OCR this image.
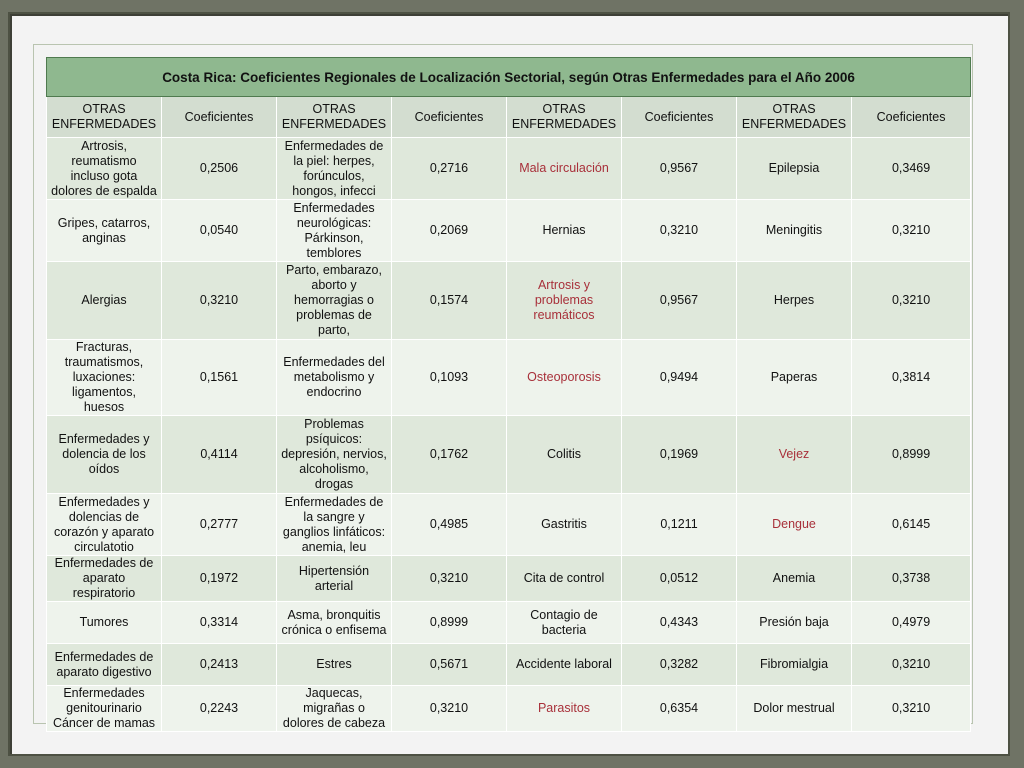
Costa Rica: Coeficientes Regionales de Localización Sectorial, según Otras Enfermedades para el Año 2006							
OTRAS ENFERMEDADES	Coeficientes	OTRAS ENFERMEDADES	Coeficientes	OTRAS ENFERMEDADES	Coeficientes	OTRAS ENFERMEDADES	Coeficientes
Artrosis, reumatismo incluso gota dolores de espalda	0,2506	Enfermedades de la piel: herpes, forúnculos, hongos, infecci	0,2716	Mala circulación	0,9567	Epilepsia	0,3469
Gripes, catarros, anginas	0,0540	Enfermedades neurológicas: Párkinson, temblores	0,2069	Hernias	0,3210	Meningitis	0,3210
Alergias	0,3210	Parto, embarazo, aborto y hemorragias o problemas de parto,	0,1574	Artrosis y problemas reumáticos	0,9567	Herpes	0,3210
Fracturas, traumatismos, luxaciones: ligamentos, huesos	0,1561	Enfermedades del metabolismo y endocrino	0,1093	Osteoporosis	0,9494	Paperas	0,3814
Enfermedades y dolencia de los oídos	0,4114	Problemas psíquicos: depresión, nervios, alcoholismo, drogas	0,1762	Colitis	0,1969	Vejez	0,8999
Enfermedades y dolencias de corazón y aparato circulatotio	0,2777	Enfermedades de la sangre y ganglios linfáticos: anemia, leu	0,4985	Gastritis	0,1211	Dengue	0,6145
Enfermedades de aparato respiratorio	0,1972	Hipertensión arterial	0,3210	Cita de control	0,0512	Anemia	0,3738
Tumores	0,3314	Asma, bronquitis crónica o enfisema	0,8999	Contagio de bacteria	0,4343	Presión baja	0,4979
Enfermedades de aparato digestivo	0,2413	Estres	0,5671	Accidente laboral	0,3282	Fibromialgia	0,3210
Enfermedades genitourinario Cáncer de mamas	0,2243	Jaquecas, migrañas o dolores de cabeza	0,3210	Parasitos	0,6354	Dolor mestrual	0,3210
